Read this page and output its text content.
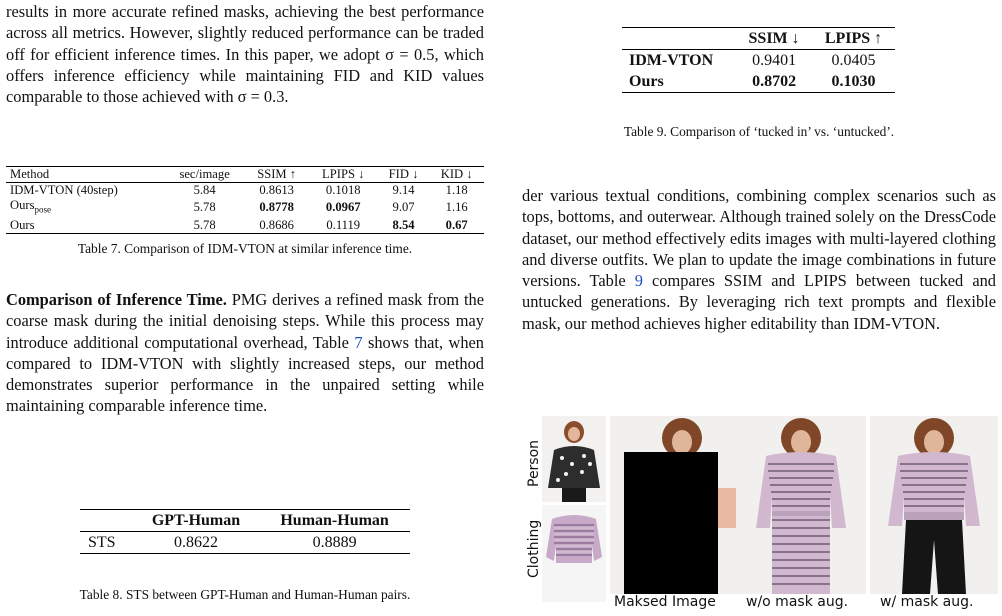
results in more accurate refined masks, achieving the best performance across all metrics. However, slightly reduced performance can be traded off for efficient inference times. In this paper, we adopt σ = 0.5, which offers inference efficiency while maintaining FID and KID values comparable to those achieved with σ = 0.3.

Method	sec/image	SSIM ↑	LPIPS ↓	FID ↓	KID ↓
IDM-VTON (40step)	5.84	0.8613	0.1018	9.14	1.18
Ours$_{pose}$	5.78	0.8778	0.0967	9.07	1.16
Ours	5.78	0.8686	0.1119	8.54	0.67
Table 7. Comparison of IDM-VTON at similar inference time.

Comparison of Inference Time. PMG derives a refined mask from the coarse mask during the initial denoising steps. While this process may introduce additional computational overhead, Table 7 shows that, when compared to IDM-VTON with slightly increased steps, our method demonstrates superior performance in the unpaired setting while maintaining comparable inference time.

	GPT-Human	Human-Human
STS	0.8622	0.8889
Table 8. STS between GPT-Human and Human-Human pairs.
	SSIM ↓	LPIPS ↑
IDM-VTON	0.9401	0.0405
Ours	0.8702	0.1030
Table 9. Comparison of ‘tucked in’ vs. ‘untucked’.

der various textual conditions, combining complex scenarios such as tops, bottoms, and outerwear. Although trained solely on the DressCode dataset, our method effectively edits images with multi-layered clothing and diverse outfits. We plan to update the image combinations in future versions. Table 9 compares SSIM and LPIPS between tucked and untucked generations. By leveraging rich text prompts and flexible mask, our method achieves higher editability than IDM-VTON.

Person
Clothing
Maksed Image w/o mask aug. w/ mask aug.
